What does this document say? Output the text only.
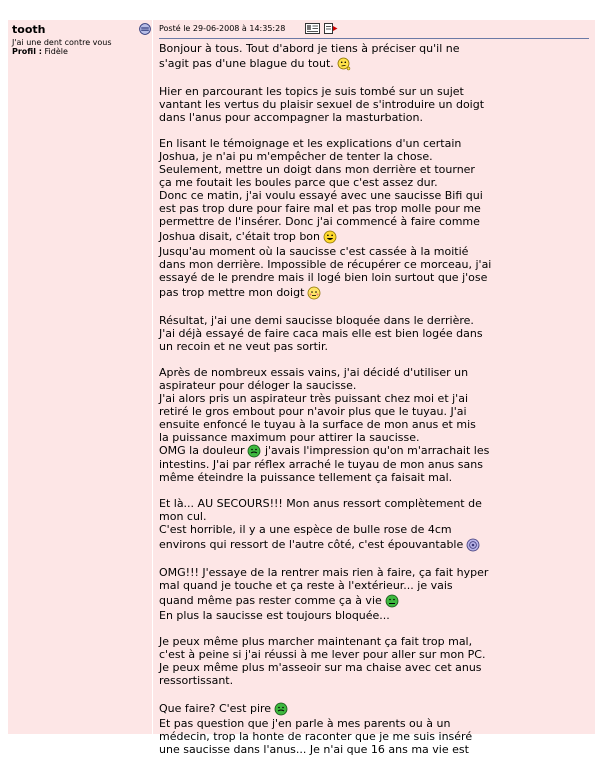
tooth
J'ai une dent contre vous
Profil : Fidèle
Posté le 29-06-2008 à 14:35:28

Bonjour à tous. Tout d'abord je tiens à préciser qu'il ne
s'agit pas d'une blague du tout.

Hier en parcourant les topics je suis tombé sur un sujet
vantant les vertus du plaisir sexuel de s'introduire un doigt
dans l'anus pour accompagner la masturbation.

En lisant le témoignage et les explications d'un certain
Joshua, je n'ai pu m'empêcher de tenter la chose.
Seulement, mettre un doigt dans mon derrière et tourner
ça me foutait les boules parce que c'est assez dur.
Donc ce matin, j'ai voulu essayé avec une saucisse Bifi qui
est pas trop dure pour faire mal et pas trop molle pour me
permettre de l'insérer. Donc j'ai commencé à faire comme
Joshua disait, c'était trop bon
Jusqu'au moment où la saucisse c'est cassée à la moitié
dans mon derrière. Impossible de récupérer ce morceau, j'ai
essayé de le prendre mais il logé bien loin surtout que j'ose
pas trop mettre mon doigt

Résultat, j'ai une demi saucisse bloquée dans le derrière.
J'ai déjà essayé de faire caca mais elle est bien logée dans
un recoin et ne veut pas sortir.

Après de nombreux essais vains, j'ai décidé d'utiliser un
aspirateur pour déloger la saucisse.
J'ai alors pris un aspirateur très puissant chez moi et j'ai
retiré le gros embout pour n'avoir plus que le tuyau. J'ai
ensuite enfoncé le tuyau à la surface de mon anus et mis
la puissance maximum pour attirer la saucisse.
OMG la douleur j'avais l'impression qu'on m'arrachait les
intestins. J'ai par réflex arraché le tuyau de mon anus sans
même éteindre la puissance tellement ça faisait mal.

Et là... AU SECOURS!!! Mon anus ressort complètement de
mon cul.
C'est horrible, il y a une espèce de bulle rose de 4cm
environs qui ressort de l'autre côté, c'est épouvantable

OMG!!! J'essaye de la rentrer mais rien à faire, ça fait hyper
mal quand je touche et ça reste à l'extérieur... je vais
quand même pas rester comme ça à vie
En plus la saucisse est toujours bloquée...

Je peux même plus marcher maintenant ça fait trop mal,
c'est à peine si j'ai réussi à me lever pour aller sur mon PC.
Je peux même plus m'asseoir sur ma chaise avec cet anus
ressortissant.

Que faire? C'est pire
Et pas question que j'en parle à mes parents ou à un
médecin, trop la honte de raconter que je me suis inséré
une saucisse dans l'anus... Je n'ai que 16 ans ma vie est
